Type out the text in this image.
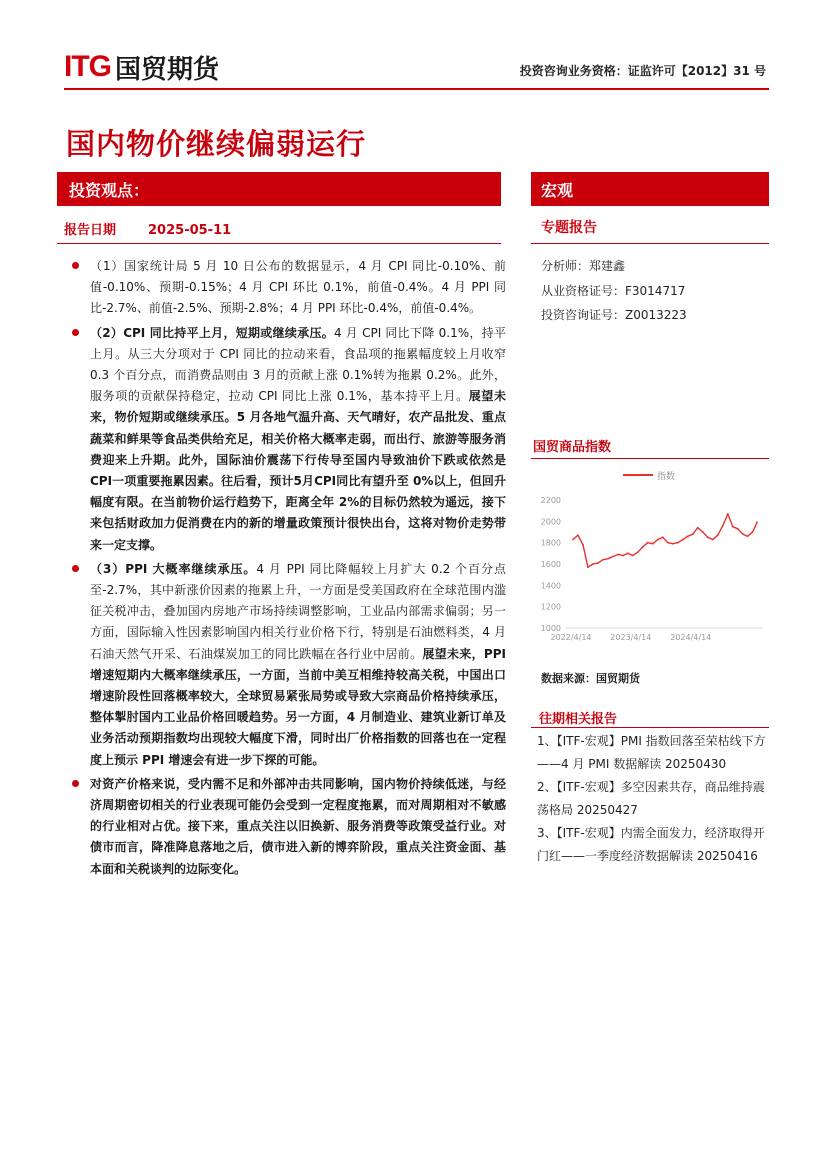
ITG 国贸期货	投资咨询业务资格：证监许可【2012】31 号
国内物价继续偏弱运行
投资观点：
报告日期 2025-05-11

（1）国家统计局 5 月 10 日公布的数据显示，4 月 CPI 同比-0.10%、前值-0.10%、预期-0.15%；4 月 CPI 环比 0.1%，前值-0.4%。4 月 PPI 同比-2.7%、前值-2.5%、预期-2.8%；4 月 PPI 环比-0.4%，前值-0.4%。

（2）CPI 同比持平上月，短期或继续承压。4 月 CPI 同比下降 0.1%，持平上月。从三大分项对于 CPI 同比的拉动来看，食品项的拖累幅度较上月收窄 0.3 个百分点，而消费品则由 3 月的贡献上涨 0.1%转为拖累 0.2%。此外，服务项的贡献保持稳定，拉动 CPI 同比上涨 0.1%，基本持平上月。展望未来，物价短期或继续承压。5 月各地气温升高、天气晴好，农产品批发、重点蔬菜和鲜果等食品类供给充足，相关价格大概率走弱，而出行、旅游等服务消费迎来上升期。此外，国际油价震荡下行传导至国内导致油价下跌或依然是CPI一项重要拖累因素。往后看，预计5月CPI同比有望升至 0%以上，但回升幅度有限。在当前物价运行趋势下，距离全年 2%的目标仍然较为遥远，接下来包括财政加力促消费在内的新的增量政策预计很快出台，这将对物价走势带来一定支撑。

（3）PPI 大概率继续承压。4 月 PPI 同比降幅较上月扩大 0.2 个百分点至-2.7%，其中新涨价因素的拖累上升，一方面是受美国政府在全球范围内滥征关税冲击，叠加国内房地产市场持续调整影响，工业品内部需求偏弱；另一方面，国际输入性因素影响国内相关行业价格下行，特别是石油燃料类，4 月石油天然气开采、石油煤炭加工的同比跌幅在各行业中居前。展望未来，PPI 增速短期内大概率继续承压，一方面，当前中美互相维持较高关税，中国出口增速阶段性回落概率较大，全球贸易紧张局势或导致大宗商品价格持续承压，整体掣肘国内工业品价格回暖趋势。另一方面，4 月制造业、建筑业新订单及业务活动预期指数均出现较大幅度下滑，同时出厂价格指数的回落也在一定程度上预示 PPI 增速会有进一步下探的可能。

对资产价格来说，受内需不足和外部冲击共同影响，国内物价持续低迷，与经济周期密切相关的行业表现可能仍会受到一定程度拖累，而对周期相对不敏感的行业相对占优。接下来，重点关注以旧换新、服务消费等政策受益行业。对债市而言，降准降息落地之后，债市进入新的博弈阶段，重点关注资金面、基本面和关税谈判的边际变化。

宏观
专题报告
分析师：郑建鑫
从业资格证号：F3014717
投资咨询证号：Z0013223
国贸商品指数
指数
1000
1200
1400
1600
1800
2000
2200
2022/4/14 2023/4/14 2024/4/14
数据来源：国贸期货
往期相关报告
1、【ITF-宏观】PMI 指数回落至荣枯线下方——4 月 PMI 数据解读 20250430
2、【ITF-宏观】多空因素共存，商品维持震荡格局 20250427
3、【ITF-宏观】内需全面发力，经济取得开门红——一季度经济数据解读 20250416
